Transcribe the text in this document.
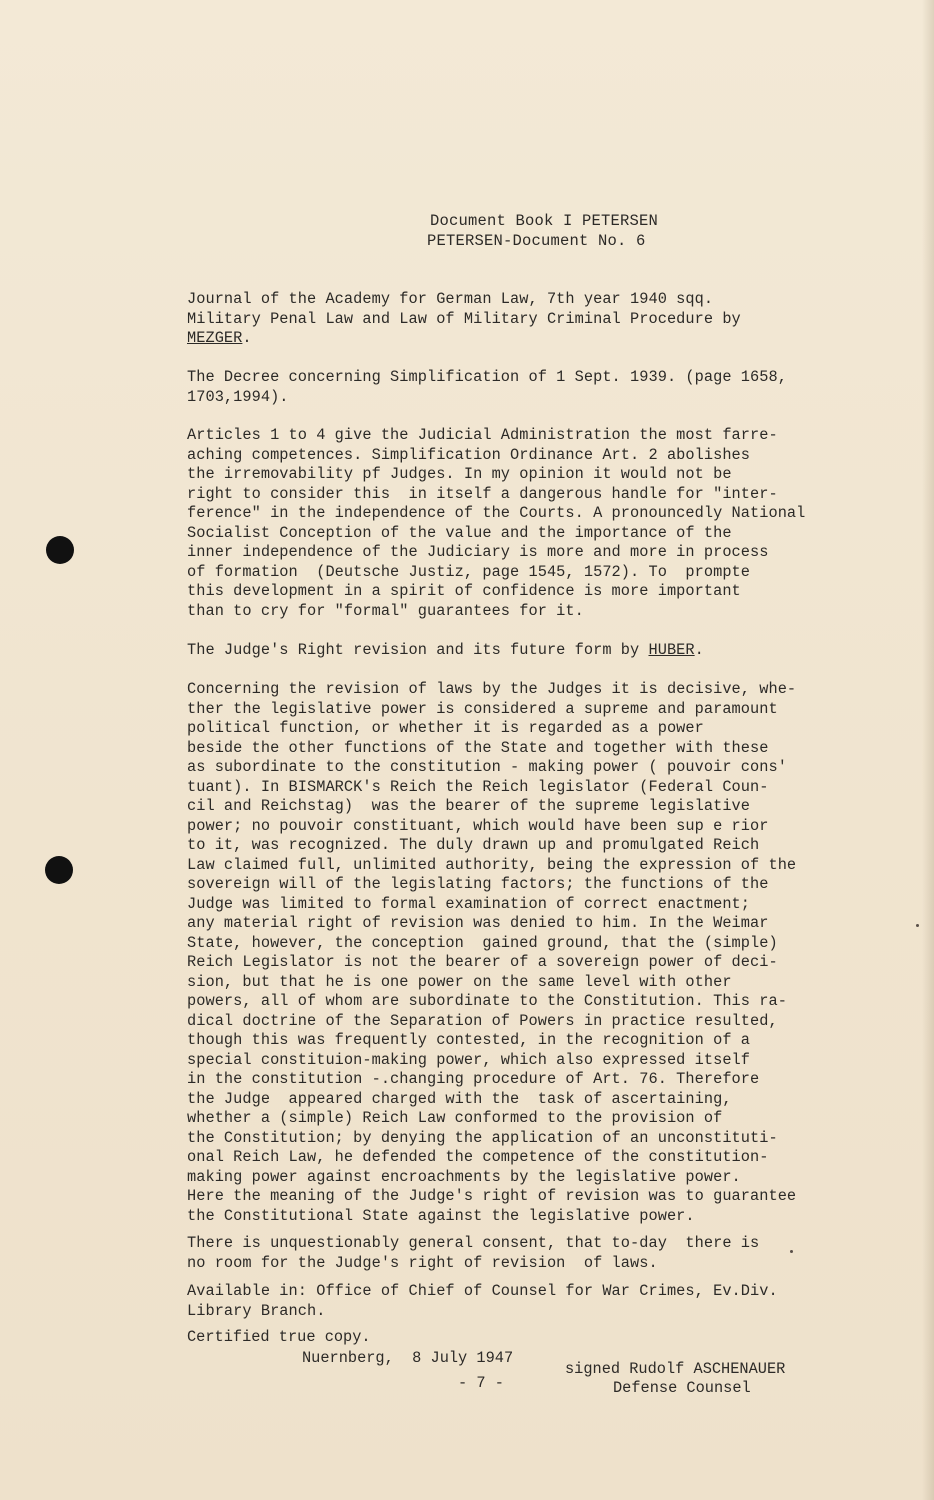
Document Book I PETERSEN
PETERSEN-Document No. 6
Journal of the Academy for German Law, 7th year 1940 sqq.
Military Penal Law and Law of Military Criminal Procedure by
MEZGER.
The Decree concerning Simplification of 1 Sept. 1939. (page 1658,
1703,1994).
Articles 1 to 4 give the Judicial Administration the most farre-
aching competences. Simplification Ordinance Art. 2 abolishes
the irremovability pf Judges. In my opinion it would not be
right to consider this  in itself a dangerous handle for "inter-
ference" in the independence of the Courts. A pronouncedly National
Socialist Conception of the value and the importance of the
inner independence of the Judiciary is more and more in process
of formation  (Deutsche Justiz, page 1545, 1572). To  prompte
this development in a spirit of confidence is more important
than to cry for "formal" guarantees for it.
The Judge's Right revision and its future form by HUBER.
Concerning the revision of laws by the Judges it is decisive, whe-
ther the legislative power is considered a supreme and paramount
political function, or whether it is regarded as a power
beside the other functions of the State and together with these
as subordinate to the constitution - making power ( pouvoir cons'
tuant). In BISMARCK's Reich the Reich legislator (Federal Coun-
cil and Reichstag)  was the bearer of the supreme legislative
power; no pouvoir constituant, which would have been sup e rior
to it, was recognized. The duly drawn up and promulgated Reich
Law claimed full, unlimited authority, being the expression of the
sovereign will of the legislating factors; the functions of the
Judge was limited to formal examination of correct enactment;
any material right of revision was denied to him. In the Weimar
State, however, the conception  gained ground, that the (simple)
Reich Legislator is not the bearer of a sovereign power of deci-
sion, but that he is one power on the same level with other
powers, all of whom are subordinate to the Constitution. This ra-
dical doctrine of the Separation of Powers in practice resulted,
though this was frequently contested, in the recognition of a
special constituion-making power, which also expressed itself
in the constitution -.changing procedure of Art. 76. Therefore
the Judge  appeared charged with the  task of ascertaining,
whether a (simple) Reich Law conformed to the provision of
the Constitution; by denying the application of an unconstituti-
onal Reich Law, he defended the competence of the constitution-
making power against encroachments by the legislative power.
Here the meaning of the Judge's right of revision was to guarantee
the Constitutional State against the legislative power.
There is unquestionably general consent, that to-day  there is
no room for the Judge's right of revision  of laws.
Available in: Office of Chief of Counsel for War Crimes, Ev.Div.
Library Branch.
Certified true copy.
Nuernberg,  8 July 1947
- 7 -
signed Rudolf ASCHENAUER
Defense Counsel
